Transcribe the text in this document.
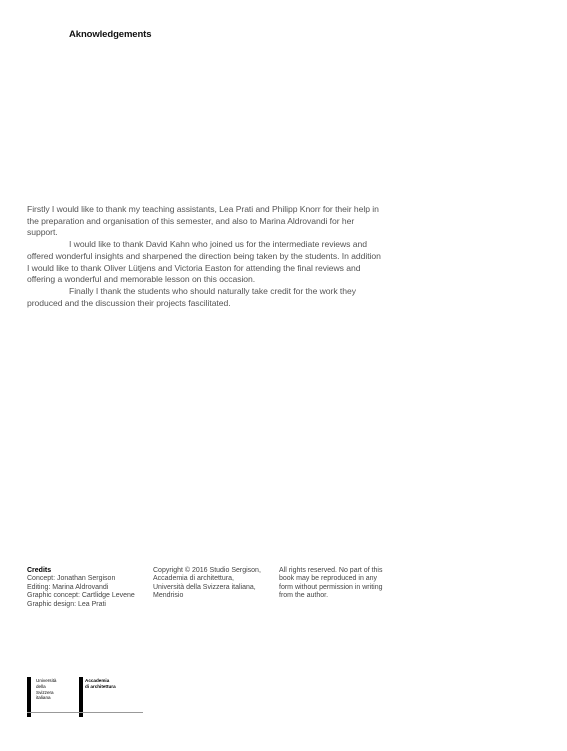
Aknowledgements

Firstly I would like to thank my teaching assistants, Lea Prati and Philipp Knorr for their help in the preparation and organisation of this semester, and also to Marina Aldrovandi for her support.

I would like to thank David Kahn who joined us for the intermediate reviews and offered wonderful insights and sharpened the direction being taken by the students. In addition I would like to thank Oliver Lütjens and Victoria Easton for attending the final reviews and offering a wonderful and memorable lesson on this occasion.

Finally I thank the students who should naturally take credit for the work they produced and the discussion their projects fascilitated.

Credits
Concept: Jonathan Sergison
Editing: Marina Aldrovandi
Graphic concept: Cartlidge Levene
Graphic design: Lea Prati
Copyright © 2016 Studio Sergison, Accademia di architettura, Università della Svizzera italiana, Mendrisio
All rights reserved. No part of this book may be reproduced in any form without permission in writing from the author.
Università
della
Svizzera
italiana
Accademia
di architettura
